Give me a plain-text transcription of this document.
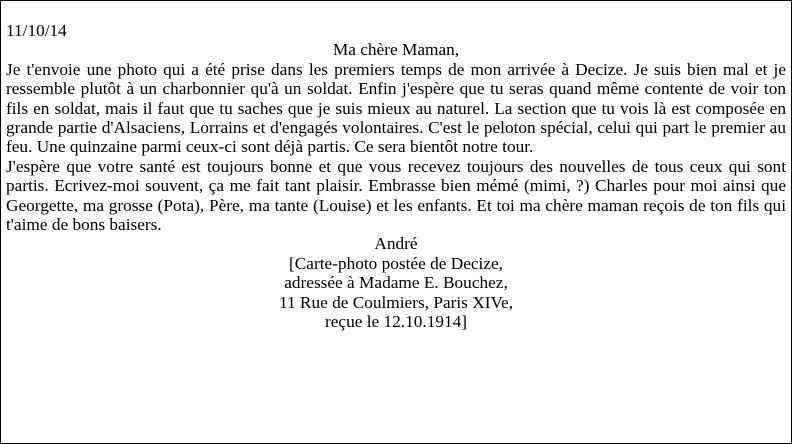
11/10/14

Ma chère Maman,

Je t'envoie une photo qui a été prise dans les premiers temps de mon arrivée à Decize. Je suis bien mal et je ressemble plutôt à un charbonnier qu'à un soldat. Enfin j'espère que tu seras quand même contente de voir ton fils en soldat, mais il faut que tu saches que je suis mieux au naturel. La section que tu vois là est composée en grande partie d'Alsaciens, Lorrains et d'engagés volontaires. C'est le peloton spécial, celui qui part le premier au feu. Une quinzaine parmi ceux-ci sont déjà partis. Ce sera bientôt notre tour.

J'espère que votre santé est toujours bonne et que vous recevez toujours des nouvelles de tous ceux qui sont partis. Ecrivez-moi souvent, ça me fait tant plaisir. Embrasse bien mémé (mimi, ?) Charles pour moi ainsi que Georgette, ma grosse (Pota), Père, ma tante (Louise) et les enfants. Et toi ma chère maman reçois de ton fils qui t'aime de bons baisers.

André

[Carte-photo postée de Decize,

adressée à Madame E. Bouchez,

11 Rue de Coulmiers, Paris XIVe,

reçue le 12.10.1914]
